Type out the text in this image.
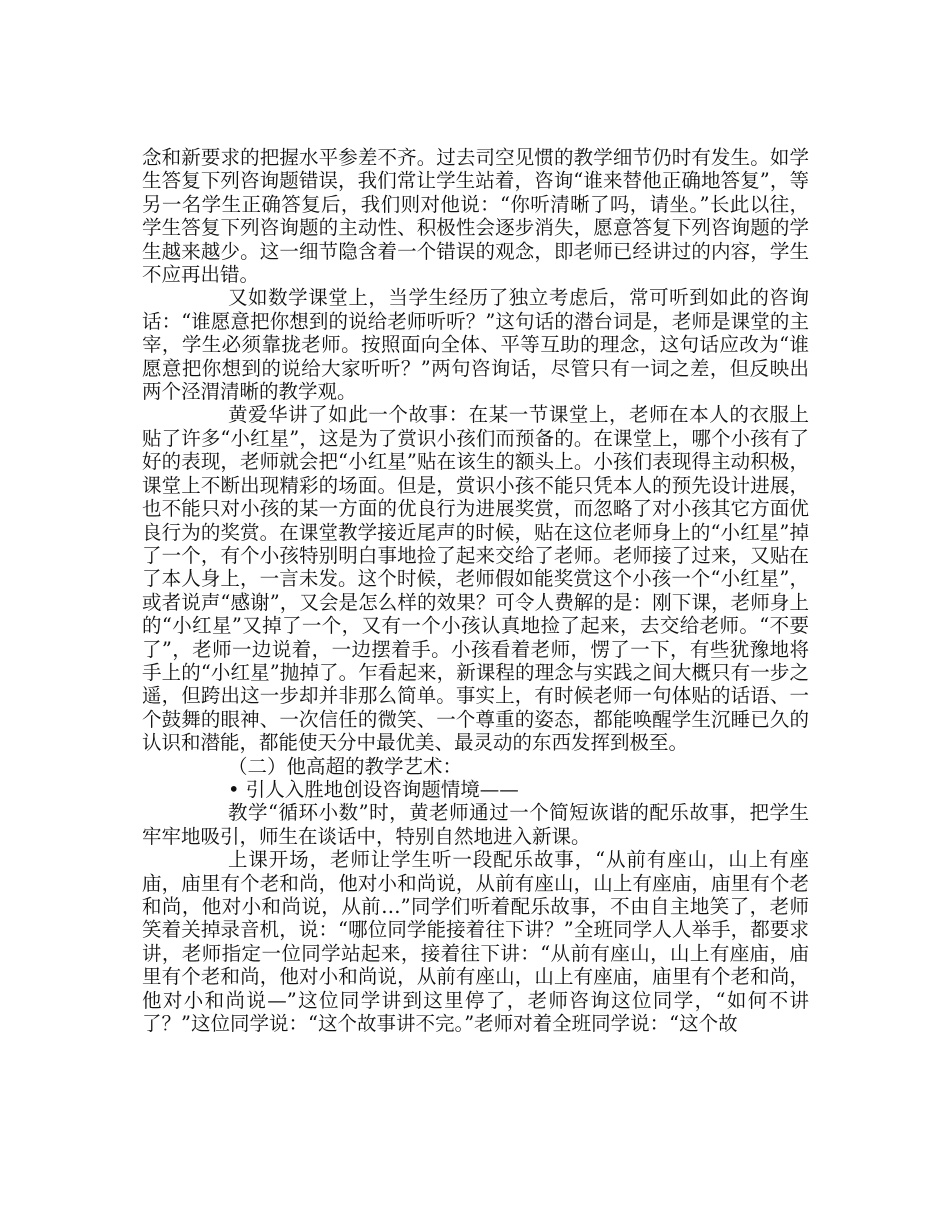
念和新要求的把握水平参差不齐。过去司空见惯的教学细节仍时有发生。如学生答复下列咨询题错误，我们常让学生站着，咨询“谁来替他正确地答复”，等另一名学生正确答复后，我们则对他说：“你听清晰了吗，请坐。”长此以往，学生答复下列咨询题的主动性、积极性会逐步消失，愿意答复下列咨询题的学生越来越少。这一细节隐含着一个错误的观念，即老师已经讲过的内容，学生不应再出错。

又如数学课堂上，当学生经历了独立考虑后，常可听到如此的咨询话：“谁愿意把你想到的说给老师听听？”这句话的潜台词是，老师是课堂的主宰，学生必须靠拢老师。按照面向全体、平等互助的理念，这句话应改为“谁愿意把你想到的说给大家听听？”两句咨询话，尽管只有一词之差，但反映出两个泾渭清晰的教学观。

黄爱华讲了如此一个故事：在某一节课堂上，老师在本人的衣服上贴了许多“小红星”，这是为了赏识小孩们而预备的。在课堂上，哪个小孩有了好的表现，老师就会把“小红星”贴在该生的额头上。小孩们表现得主动积极，课堂上不断出现精彩的场面。但是，赏识小孩不能只凭本人的预先设计进展，也不能只对小孩的某一方面的优良行为进展奖赏，而忽略了对小孩其它方面优良行为的奖赏。在课堂教学接近尾声的时候，贴在这位老师身上的“小红星”掉了一个，有个小孩特别明白事地捡了起来交给了老师。老师接了过来，又贴在了本人身上，一言未发。这个时候，老师假如能奖赏这个小孩一个“小红星”，或者说声“感谢”，又会是怎么样的效果？可令人费解的是：刚下课，老师身上的“小红星”又掉了一个，又有一个小孩认真地捡了起来，去交给老师。“不要了”，老师一边说着，一边摆着手。小孩看着老师，愣了一下，有些犹豫地将手上的“小红星”抛掉了。乍看起来，新课程的理念与实践之间大概只有一步之遥，但跨出这一步却并非那么简单。事实上，有时候老师一句体贴的话语、一个鼓舞的眼神、一次信任的微笑、一个尊重的姿态，都能唤醒学生沉睡已久的认识和潜能，都能使天分中最优美、最灵动的东西发挥到极至。

（二）他高超的教学艺术：

• 引人入胜地创设咨询题情境——

教学“循环小数”时，黄老师通过一个简短诙谐的配乐故事，把学生牢牢地吸引，师生在谈话中，特别自然地进入新课。

上课开场，老师让学生听一段配乐故事，“从前有座山，山上有座庙，庙里有个老和尚，他对小和尚说，从前有座山，山上有座庙，庙里有个老和尚，他对小和尚说，从前…”同学们听着配乐故事，不由自主地笑了，老师笑着关掉录音机，说：“哪位同学能接着往下讲？”全班同学人人举手，都要求讲，老师指定一位同学站起来，接着往下讲：“从前有座山，山上有座庙，庙里有个老和尚，他对小和尚说，从前有座山，山上有座庙，庙里有个老和尚，他对小和尚说—”这位同学讲到这里停了，老师咨询这位同学，“如何不讲了？”这位同学说：“这个故事讲不完。”老师对着全班同学说：“这个故
